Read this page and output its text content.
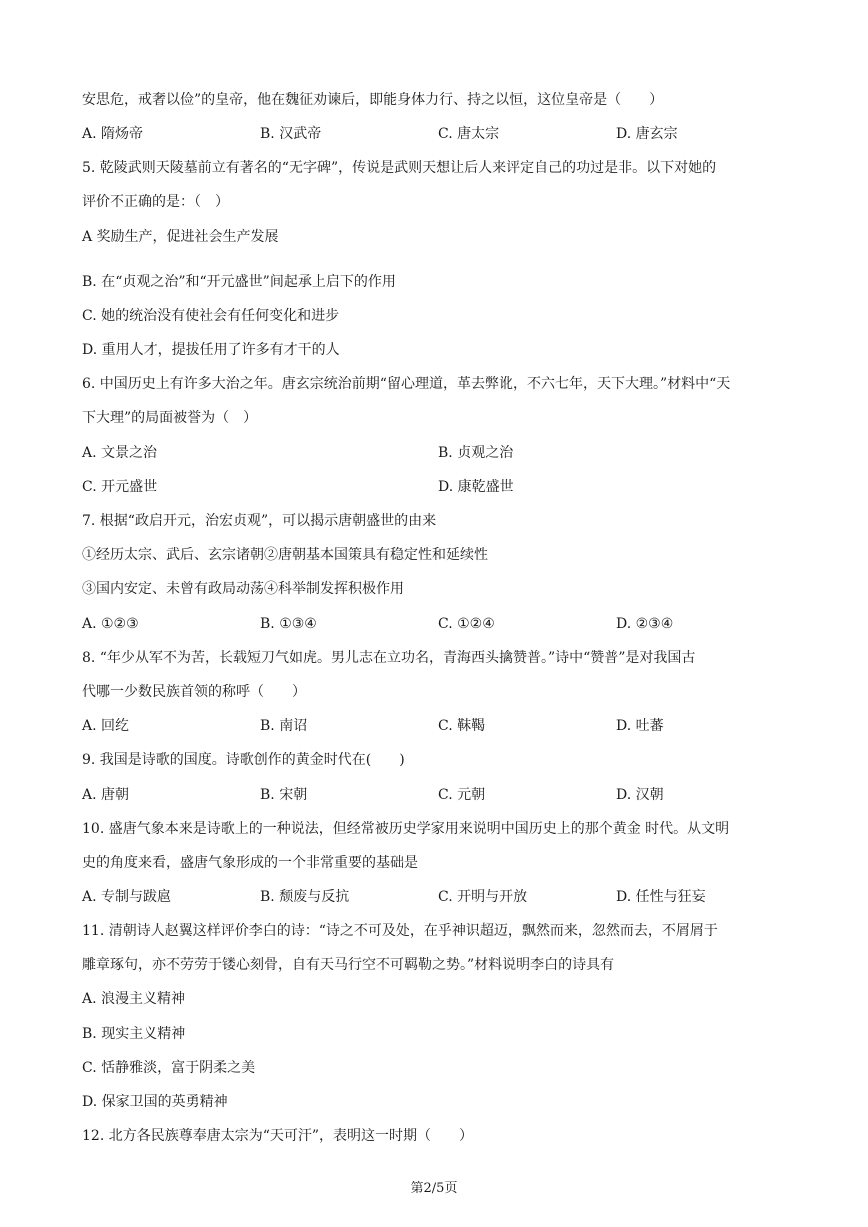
安思危，戒奢以俭”的皇帝，他在魏征劝谏后，即能身体力行、持之以恒，这位皇帝是（　　）
A. 隋炀帝	B. 汉武帝	C. 唐太宗	D. 唐玄宗
5. 乾陵武则天陵墓前立有著名的“无字碑”，传说是武则天想让后人来评定自己的功过是非。以下对她的
评价不正确的是：（　）
A 奖励生产，促进社会生产发展
B. 在“贞观之治”和“开元盛世”间起承上启下的作用
C. 她的统治没有使社会有任何变化和进步
D. 重用人才，提拔任用了许多有才干的人
6. 中国历史上有许多大治之年。唐玄宗统治前期“留心理道，革去弊讹，不六七年，天下大理。”材料中“天
下大理”的局面被誉为（　）
A. 文景之治	B. 贞观之治
C. 开元盛世	D. 康乾盛世
7. 根据“政启开元，治宏贞观”，可以揭示唐朝盛世的由来
①经历太宗、武后、玄宗诸朝②唐朝基本国策具有稳定性和延续性
③国内安定、未曾有政局动荡④科举制发挥积极作用
A. ①②③	B. ①③④	C. ①②④	D. ②③④
8. “年少从军不为苦，长载短刀气如虎。男儿志在立功名，青海西头擒赞普。”诗中“赞普”是对我国古
代哪一少数民族首领的称呼（　　）
A. 回纥	B. 南诏	C. 靺鞨	D. 吐蕃
9. 我国是诗歌的国度。诗歌创作的黄金时代在(　　)
A. 唐朝	B. 宋朝	C. 元朝	D. 汉朝
10. 盛唐气象本来是诗歌上的一种说法，但经常被历史学家用来说明中国历史上的那个黄金 时代。从文明
史的角度来看，盛唐气象形成的一个非常重要的基础是
A. 专制与跋扈	B. 颓废与反抗	C. 开明与开放	D. 任性与狂妄
11. 清朝诗人赵翼这样评价李白的诗：“诗之不可及处，在乎神识超迈，飘然而来，忽然而去，不屑屑于
雕章琢句，亦不劳劳于镂心刻骨，自有天马行空不可羁勒之势。”材料说明李白的诗具有
A. 浪漫主义精神
B. 现实主义精神
C. 恬静雅淡，富于阴柔之美
D. 保家卫国的英勇精神
12. 北方各民族尊奉唐太宗为“天可汗”，表明这一时期（　　）
第2/5页
